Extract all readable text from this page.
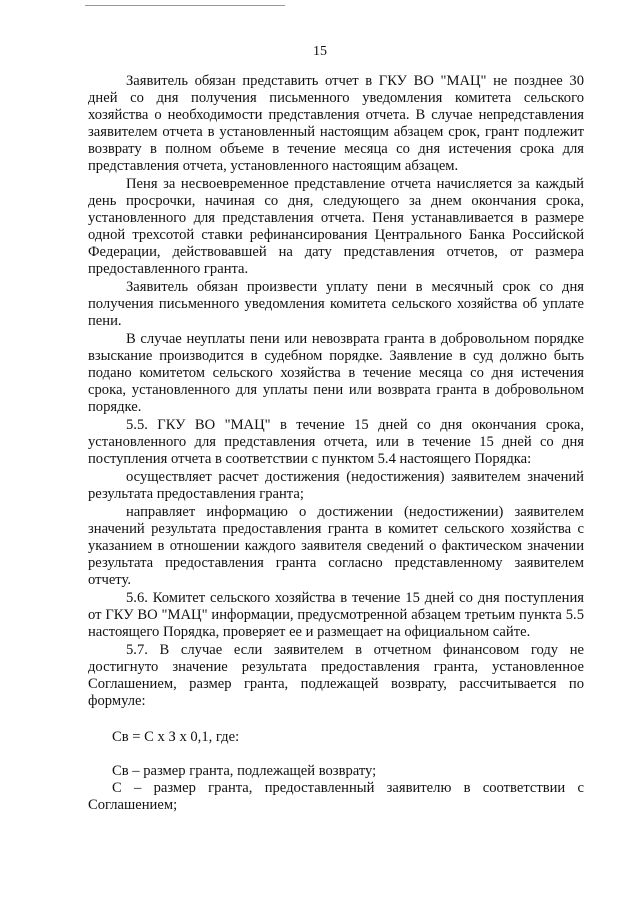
15

Заявитель обязан представить отчет в ГКУ ВО "МАЦ" не позднее 30 дней со дня получения письменного уведомления комитета сельского хозяйства о необходимости представления отчета. В случае непредставления заявителем отчета в установленный настоящим абзацем срок, грант подлежит возврату в полном объеме в течение месяца со дня истечения срока для представления отчета, установленного настоящим абзацем.

Пеня за несвоевременное представление отчета начисляется за каждый день просрочки, начиная со дня, следующего за днем окончания срока, установленного для представления отчета. Пеня устанавливается в размере одной трехсотой ставки рефинансирования Центрального Банка Российской Федерации, действовавшей на дату представления отчетов, от размера предоставленного гранта.

Заявитель обязан произвести уплату пени в месячный срок со дня получения письменного уведомления комитета сельского хозяйства об уплате пени.

В случае неуплаты пени или невозврата гранта в добровольном порядке взыскание производится в судебном порядке. Заявление в суд должно быть подано комитетом сельского хозяйства в течение месяца со дня истечения срока, установленного для уплаты пени или возврата гранта в добровольном порядке.

5.5. ГКУ ВО "МАЦ" в течение 15 дней со дня окончания срока, установленного для представления отчета, или в течение 15 дней со дня поступления отчета в соответствии с пунктом 5.4 настоящего Порядка:

осуществляет расчет достижения (недостижения) заявителем значений результата предоставления гранта;

направляет информацию о достижении (недостижении) заявителем значений результата предоставления гранта в комитет сельского хозяйства с указанием в отношении каждого заявителя сведений о фактическом значении результата предоставления гранта согласно представленному заявителем отчету.

5.6. Комитет сельского хозяйства в течение 15 дней со дня поступления от ГКУ ВО "МАЦ" информации, предусмотренной абзацем третьим пункта 5.5 настоящего Порядка, проверяет ее и размещает на официальном сайте.

5.7. В случае если заявителем в отчетном финансовом году не достигнуто значение результата предоставления гранта, установленное Соглашением, размер гранта, подлежащей возврату, рассчитывается по формуле:

Св = С х З х 0,1, где:

Св – размер гранта, подлежащей возврату;

С – размер гранта, предоставленный заявителю в соответствии с Соглашением;
